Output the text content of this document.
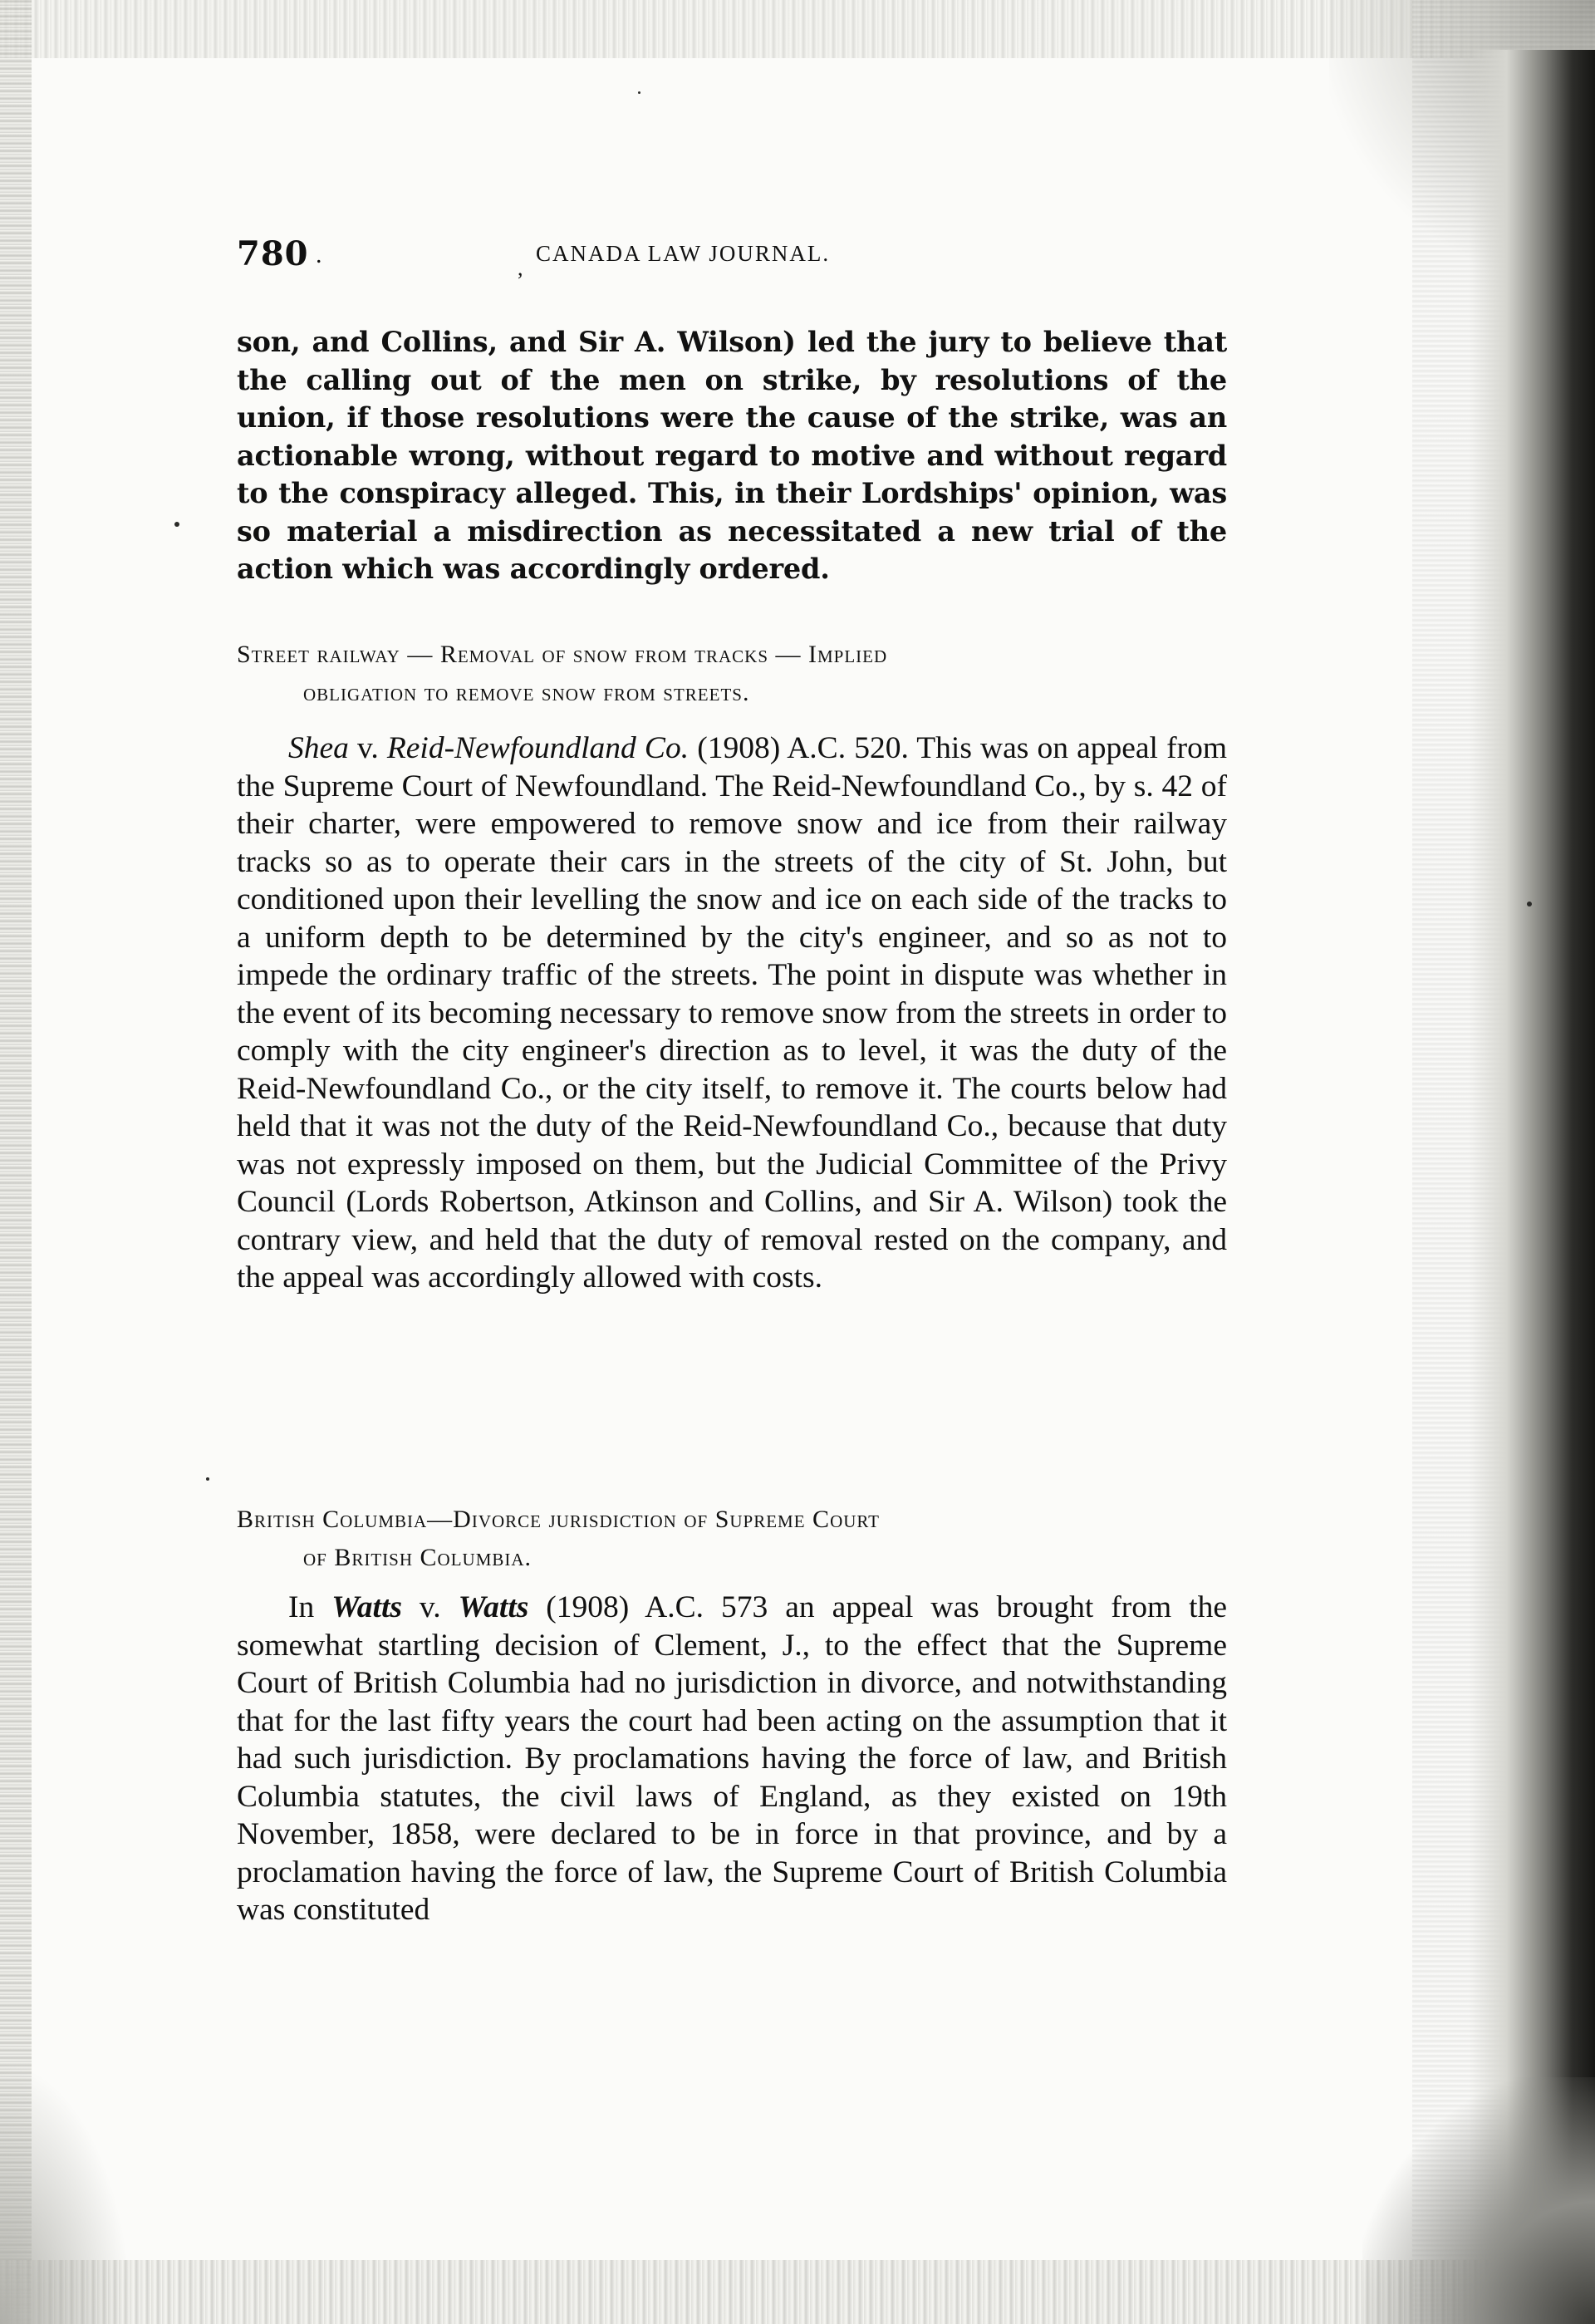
780 .	,
CANADA LAW JOURNAL.

son, and Collins, and Sir A. Wilson) led the jury to believe that the calling out of the men on strike, by resolutions of the union, if those resolutions were the cause of the strike, was an actionable wrong, without regard to motive and without regard to the conspiracy alleged. This, in their Lordships' opinion, was so material a misdirection as necessitated a new trial of the action which was accordingly ordered.

Street railway — Removal of snow from tracks — Implied
obligation to remove snow from streets.

Shea v. Reid-Newfoundland Co. (1908) A.C. 520. This was on appeal from the Supreme Court of Newfoundland. The Reid-Newfoundland Co., by s. 42 of their charter, were empowered to remove snow and ice from their railway tracks so as to operate their cars in the streets of the city of St. John, but conditioned upon their levelling the snow and ice on each side of the tracks to a uniform depth to be determined by the city's engineer, and so as not to impede the ordinary traffic of the streets. The point in dispute was whether in the event of its becoming necessary to remove snow from the streets in order to comply with the city engineer's direction as to level, it was the duty of the Reid-Newfoundland Co., or the city itself, to remove it. The courts below had held that it was not the duty of the Reid-Newfoundland Co., because that duty was not expressly imposed on them, but the Judicial Committee of the Privy Council (Lords Robertson, Atkinson and Collins, and Sir A. Wilson) took the contrary view, and held that the duty of removal rested on the company, and the appeal was accordingly allowed with costs.

British Columbia—Divorce jurisdiction of Supreme Court
of British Columbia.

In Watts v. Watts (1908) A.C. 573 an appeal was brought from the somewhat startling decision of Clement, J., to the effect that the Supreme Court of British Columbia had no jurisdiction in divorce, and notwithstanding that for the last fifty years the court had been acting on the assumption that it had such jurisdiction. By proclamations having the force of law, and British Columbia statutes, the civil laws of England, as they existed on 19th November, 1858, were declared to be in force in that province, and by a proclamation having the force of law, the Supreme Court of British Columbia was constituted
